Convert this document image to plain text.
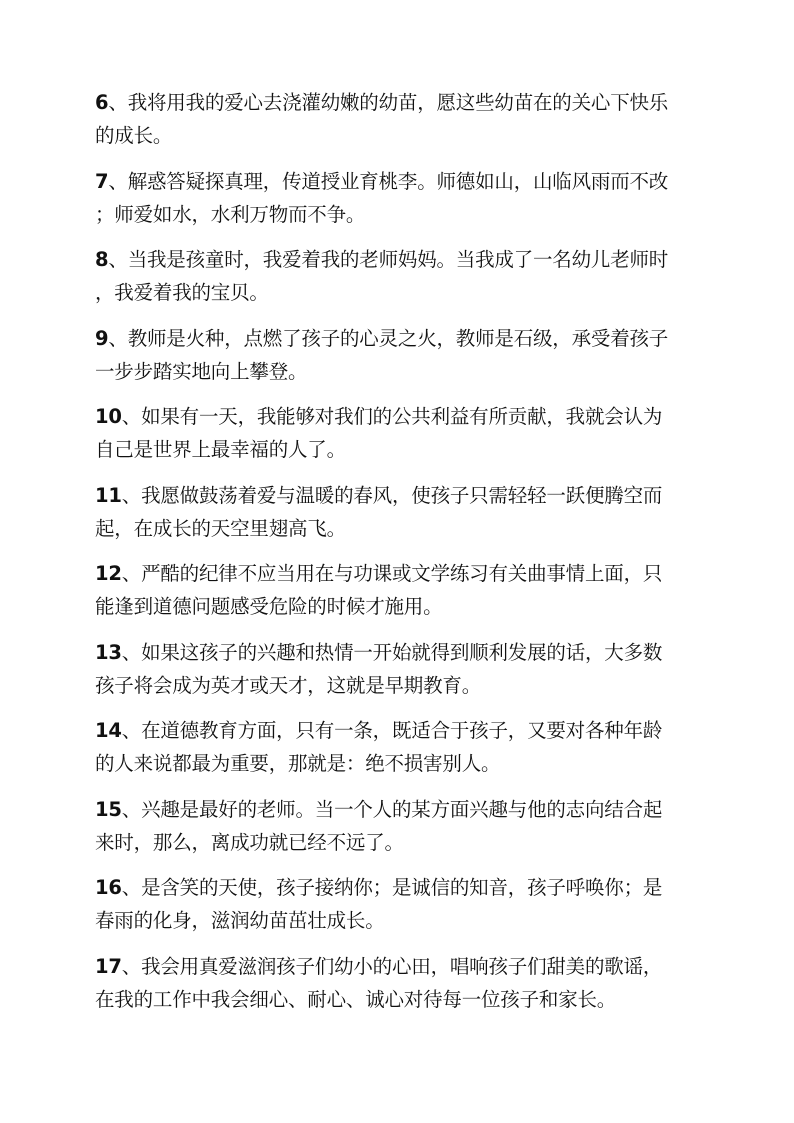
6、我将用我的爱心去浇灌幼嫩的幼苗，愿这些幼苗在的关心下快乐
的成长。
7、解惑答疑探真理，传道授业育桃李。师德如山，山临风雨而不改
；师爱如水，水利万物而不争。
8、当我是孩童时，我爱着我的老师妈妈。当我成了一名幼儿老师时
，我爱着我的宝贝。
9、教师是火种，点燃了孩子的心灵之火，教师是石级，承受着孩子
一步步踏实地向上攀登。
10、如果有一天，我能够对我们的公共利益有所贡献，我就会认为
自己是世界上最幸福的人了。
11、我愿做鼓荡着爱与温暖的春风，使孩子只需轻轻一跃便腾空而
起，在成长的天空里翅高飞。
12、严酷的纪律不应当用在与功课或文学练习有关曲事情上面，只
能逢到道德问题感受危险的时候才施用。
13、如果这孩子的兴趣和热情一开始就得到顺利发展的话，大多数
孩子将会成为英才或天才，这就是早期教育。
14、在道德教育方面，只有一条，既适合于孩子，又要对各种年龄
的人来说都最为重要，那就是：绝不损害别人。
15、兴趣是最好的老师。当一个人的某方面兴趣与他的志向结合起
来时，那么，离成功就已经不远了。
16、是含笑的天使，孩子接纳你；是诚信的知音，孩子呼唤你；是
春雨的化身，滋润幼苗茁壮成长。
17、我会用真爱滋润孩子们幼小的心田，唱响孩子们甜美的歌谣，
在我的工作中我会细心、耐心、诚心对待每一位孩子和家长。
